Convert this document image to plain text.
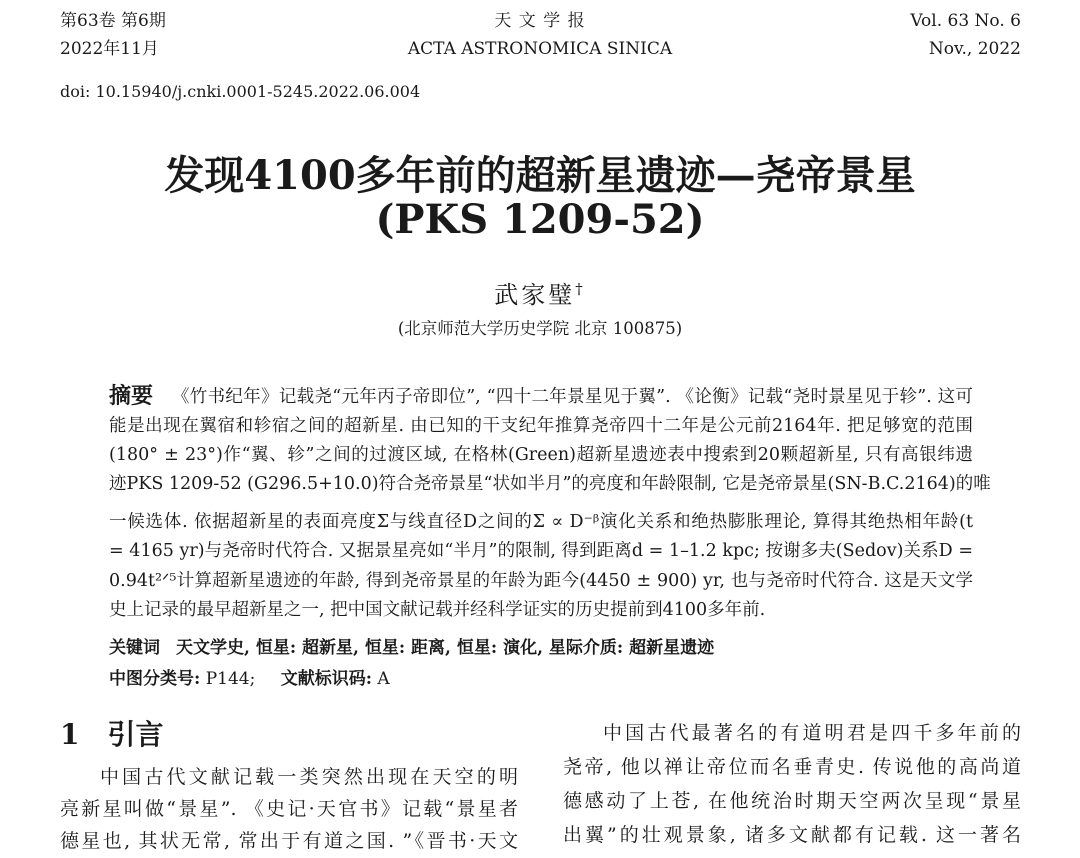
第63卷 第6期
2022年11月
天 文 学 报
ACTA ASTRONOMICA SINICA
Vol. 63 No. 6
Nov., 2022
doi: 10.15940/j.cnki.0001-5245.2022.06.004
发现4100多年前的超新星遗迹—尧帝景星
(PKS 1209-52)
武家璧†
(北京师范大学历史学院 北京 100875)
摘要 《竹书纪年》记载尧“元年丙子帝即位”, “四十二年景星见于翼”. 《论衡》记载“尧时景星见于轸”. 这可
能是出现在翼宿和轸宿之间的超新星. 由已知的干支纪年推算尧帝四十二年是公元前2164年. 把足够宽的范围
(180° ± 23°)作“翼、轸”之间的过渡区域, 在格林(Green)超新星遗迹表中搜索到20颗超新星, 只有高银纬遗
迹PKS 1209-52 (G296.5+10.0)符合尧帝景星“状如半月”的亮度和年龄限制, 它是尧帝景星(SN-B.C.2164)的唯
一候选体. 依据超新星的表面亮度Σ与线直径D之间的Σ ∝ D⁻ᵝ演化关系和绝热膨胀理论, 算得其绝热相年龄(t
= 4165 yr)与尧帝时代符合. 又据景星亮如“半月”的限制, 得到距离d = 1–1.2 kpc; 按谢多夫(Sedov)关系D =
0.94t²ᐟ⁵计算超新星遗迹的年龄, 得到尧帝景星的年龄为距今(4450 ± 900) yr, 也与尧帝时代符合. 这是天文学
史上记录的最早超新星之一, 把中国文献记载并经科学证实的历史提前到4100多年前.
关键词 天文学史, 恒星: 超新星, 恒星: 距离, 恒星: 演化, 星际介质: 超新星遗迹
中图分类号: P144; 文献标识码: A
1 引言
中国古代文献记载一类突然出现在天空的明
亮新星叫做“景星”. 《史记·天官书》记载“景星者
德星也, 其状无常, 常出于有道之国. ”《晋书·天文
中国古代最著名的有道明君是四千多年前的
尧帝, 他以禅让帝位而名垂青史. 传说他的高尚道
德感动了上苍, 在他统治时期天空两次呈现“景星
出翼”的壮观景象, 诸多文献都有记载. 这一著名
